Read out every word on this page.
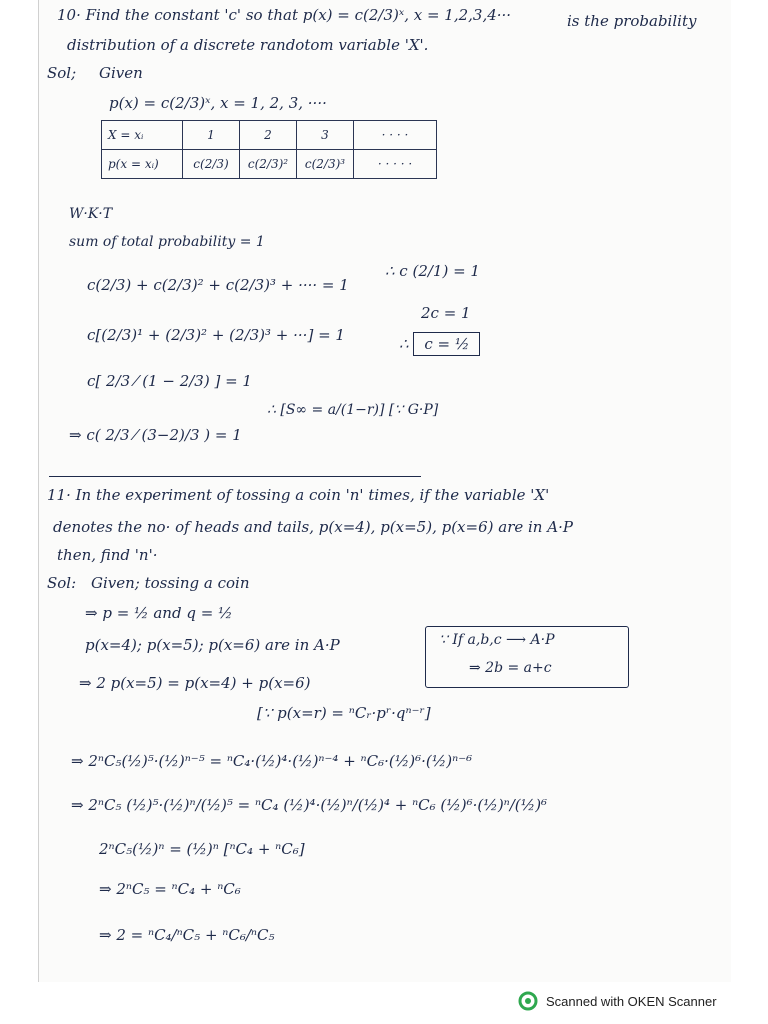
10· Find the constant 'c' so that p(x) = c(2/3)ˣ, x = 1,2,3,4···	is the probability
distribution of a discrete randotom variable 'X'.
Sol; Given
p(x) = c(2/3)ˣ, x = 1, 2, 3, ····
X = xᵢ	1	2	3	· · · ·
p(x = xᵢ)	c(2/3)	c(2/3)²	c(2/3)³	· · · · ·
W·K·T
sum of total probability = 1
c(2/3) + c(2/3)² + c(2/3)³ + ···· = 1
c[(2/3)¹ + (2/3)² + (2/3)³ + ···] = 1
c[ 2/3 ⁄ (1 − 2/3) ] = 1
⇒ c( 2/3 ⁄ (3−2)/3 ) = 1
∴ [S∞ = a/(1−r)] [∵ G·P]
∴ c (2/1) = 1
2c = 1
∴ c = ½
11· In the experiment of tossing a coin 'n' times, if the variable 'X'
denotes the no· of heads and tails, p(x=4), p(x=5), p(x=6) are in A·P
then, find 'n'·
Sol: Given; tossing a coin
⇒ p = ½ and q = ½
p(x=4); p(x=5); p(x=6) are in A·P	∵ If a,b,c ⟶ A·P
⇒ 2b = a+c
⇒ 2 p(x=5) = p(x=4) + p(x=6)
[∵ p(x=r) = ⁿCᵣ·pʳ·qⁿ⁻ʳ]
⇒ 2ⁿC₅(½)⁵·(½)ⁿ⁻⁵ = ⁿC₄·(½)⁴·(½)ⁿ⁻⁴ + ⁿC₆·(½)⁶·(½)ⁿ⁻⁶
⇒ 2ⁿC₅ (½)⁵·(½)ⁿ/(½)⁵ = ⁿC₄ (½)⁴·(½)ⁿ/(½)⁴ + ⁿC₆ (½)⁶·(½)ⁿ/(½)⁶
2ⁿC₅(½)ⁿ = (½)ⁿ [ⁿC₄ + ⁿC₆]
⇒ 2ⁿC₅ = ⁿC₄ + ⁿC₆
⇒ 2 = ⁿC₄/ⁿC₅ + ⁿC₆/ⁿC₅
Scanned with OKEN Scanner
